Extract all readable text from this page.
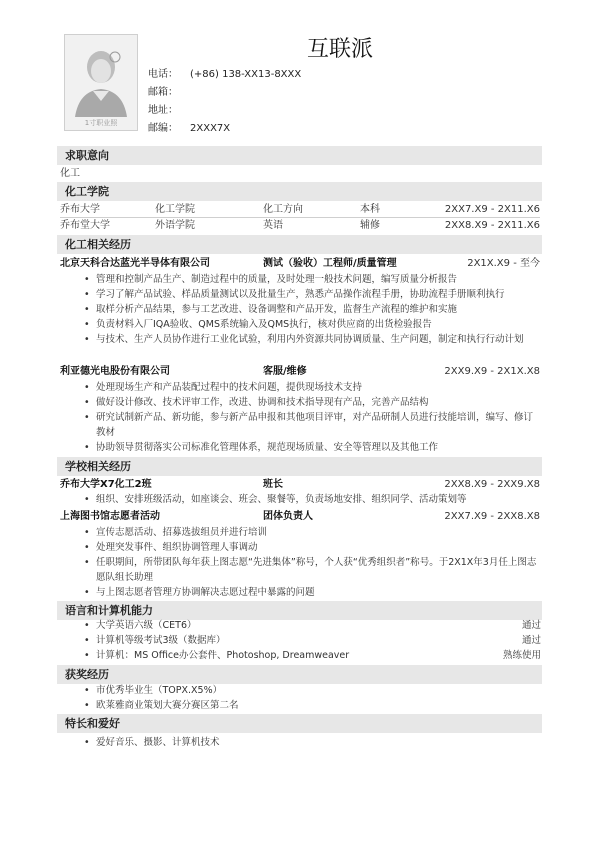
1寸职业照
互联派
电话： (+86) 138-XX13-8XXX
邮箱：
地址：
邮编： 2XXX7X
求职意向
化工
化工学院
乔布大学	化工学院	化工方向	本科	2XX7.X9 - 2X11.X6
乔布堂大学	外语学院	英语	辅修	2XX8.X9 - 2X11.X6
化工相关经历
北京天科合达蓝光半导体有限公司	测试（验收）工程师/质量管理	2X1X.X9 - 至今
• 管理和控制产品生产、制造过程中的质量，及时处理一般技术问题，编写质量分析报告
• 学习了解产品试验、样品质量测试以及批量生产，熟悉产品操作流程手册，协助流程手册顺利执行
• 取样分析产品结果，参与工艺改进、设备调整和产品开发，监督生产流程的维护和实施
• 负责材料入厂IQA验收、QMS系统输入及QMS执行，核对供应商的出货检验报告
• 与技术、生产人员协作进行工业化试验，利用内外资源共同协调质量、生产问题，制定和执行行动计划
利亚德光电股份有限公司	客服/维修	2XX9.X9 - 2X1X.X8
• 处理现场生产和产品装配过程中的技术问题，提供现场技术支持
• 做好设计修改、技术评审工作，改进、协调和技术指导现有产品，完善产品结构
• 研究试制新产品、新功能，参与新产品申报和其他项目评审，对产品研制人员进行技能培训，编写、修订教材
• 协助领导贯彻落实公司标准化管理体系，规范现场质量、安全等管理以及其他工作
学校相关经历
乔布大学X7化工2班	班长	2XX8.X9 - 2XX9.X8
• 组织、安排班级活动，如座谈会、班会、聚餐等，负责场地安排、组织同学、活动策划等
上海图书馆志愿者活动	团体负责人	2XX7.X9 - 2XX8.X8
• 宣传志愿活动、招募选拔组员并进行培训
• 处理突发事件、组织协调管理人事调动
• 任职期间，所带团队每年获上图志愿“先进集体”称号，个人获“优秀组织者”称号。于2X1X年3月任上图志愿队组长助理
• 与上图志愿者管理方协调解决志愿过程中暴露的问题
语言和计算机能力
• 大学英语六级（CET6）	通过
• 计算机等级考试3级（数据库）	通过
• 计算机：MS Office办公套件、Photoshop, Dreamweaver	熟练使用
获奖经历
• 市优秀毕业生（TOPX.X5%）
• 欧莱雅商业策划大赛分赛区第二名
特长和爱好
• 爱好音乐、摄影、计算机技术
